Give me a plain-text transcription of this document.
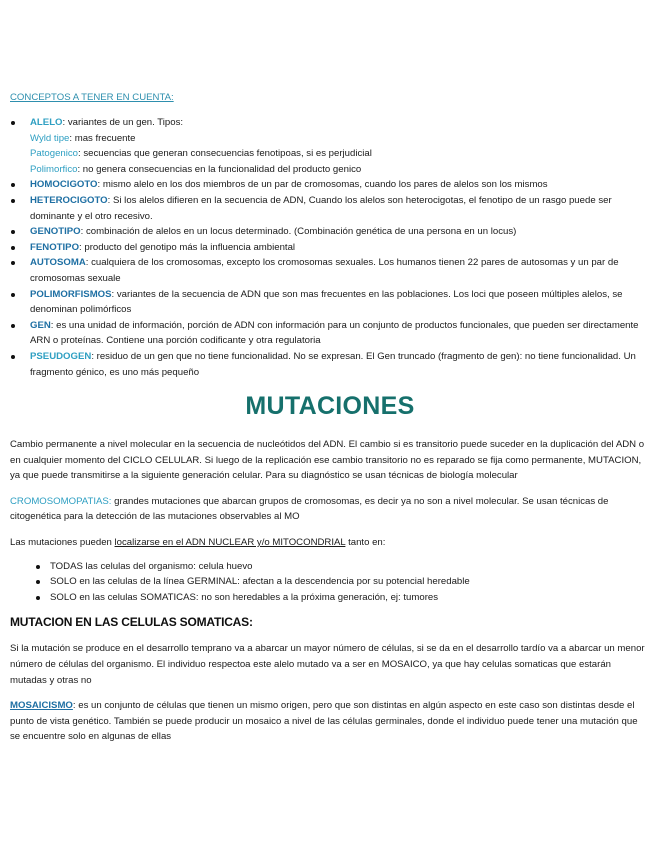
CONCEPTOS A TENER EN CUENTA:
ALELO: variantes de un gen. Tipos:
Wyld tipe: mas frecuente
Patogenico: secuencias que generan consecuencias fenotipoas, si es perjudicial
Polimorfico: no genera consecuencias en la funcionalidad del producto genico
HOMOCIGOTO: mismo alelo en los dos miembros de un par de cromosomas, cuando los pares de alelos son los mismos
HETEROCIGOTO: Si los alelos difieren en la secuencia de ADN, Cuando los alelos son heterocigotas, el fenotipo de un rasgo puede ser dominante y el otro recesivo.
GENOTIPO: combinación de alelos en un locus determinado. (Combinación genética de una persona en un locus)
FENOTIPO: producto del genotipo más la influencia ambiental
AUTOSOMA: cualquiera de los cromosomas, excepto los cromosomas sexuales. Los humanos tienen 22 pares de autosomas y un par de cromosomas sexuale
POLIMORFISMOS: variantes de la secuencia de ADN que son mas frecuentes en las poblaciones. Los loci que poseen múltiples alelos, se denominan polimórficos
GEN: es una unidad de información, porción de ADN con información para un conjunto de productos funcionales, que pueden ser directamente ARN o proteínas. Contiene una porción codificante y otra regulatoria
PSEUDOGEN: residuo de un gen que no tiene funcionalidad. No se expresan. El Gen truncado (fragmento de gen): no tiene funcionalidad. Un fragmento génico, es uno más pequeño
MUTACIONES

Cambio permanente a nivel molecular en la secuencia de nucleótidos del ADN. El cambio si es transitorio puede suceder en la duplicación del ADN o en cualquier momento del CICLO CELULAR. Si luego de la replicación ese cambio transitorio no es reparado se fija como permanente, MUTACION, ya que puede transmitirse a la siguiente generación celular. Para su diagnóstico se usan técnicas de biología molecular

CROMOSOMOPATIAS: grandes mutaciones que abarcan grupos de cromosomas, es decir ya no son a nivel molecular. Se usan técnicas de citogenética para la detección de las mutaciones observables al MO

Las mutaciones pueden localizarse en el ADN NUCLEAR y/o MITOCONDRIAL tanto en:

TODAS las celulas del organismo: celula huevo
SOLO en las celulas de la línea GERMINAL: afectan a la descendencia por su potencial heredable
SOLO en las celulas SOMATICAS: no son heredables a la próxima generación, ej: tumores
MUTACION EN LAS CELULAS SOMATICAS:

Si la mutación se produce en el desarrollo temprano va a abarcar un mayor número de células, si se da en el desarrollo tardío va a abarcar un menor número de células del organismo. El individuo respectoa este alelo mutado va a ser en MOSAICO, ya que hay celulas somaticas que estarán mutadas y otras no

MOSAICISMO: es un conjunto de células que tienen un mismo origen, pero que son distintas en algún aspecto en este caso son distintas desde el punto de vista genético. También se puede producir un mosaico a nivel de las células germinales, donde el individuo puede tener una mutación que se encuentre solo en algunas de ellas
